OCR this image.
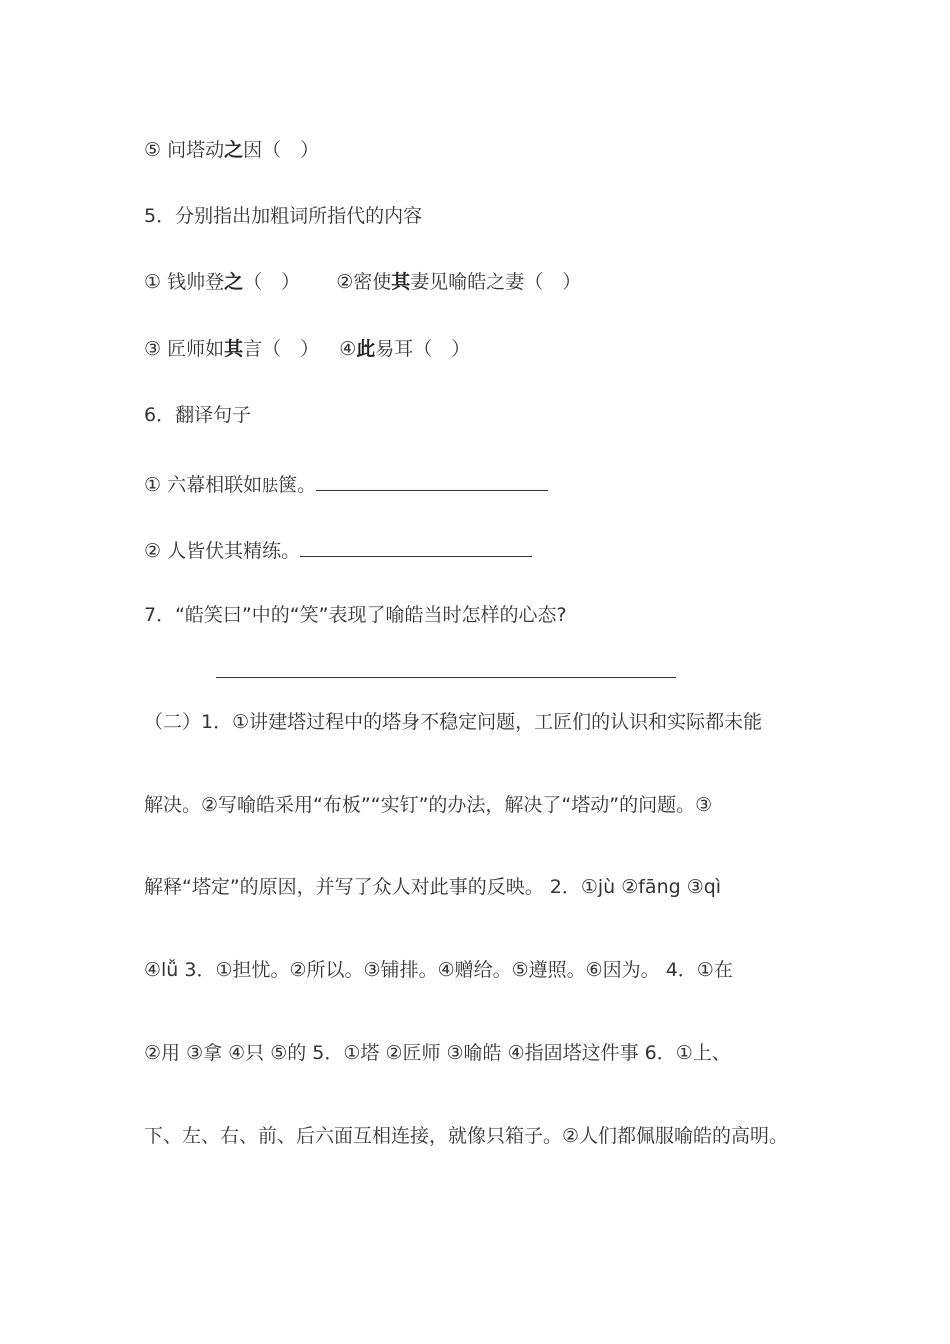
⑤ 问塔动之因（　）
5．分别指出加粗词所指代的内容
① 钱帅登之（　） ②密使其妻见喻皓之妻（　）
③ 匠师如其言（　） ④此易耳（　）
6．翻译句子
① 六幕相联如胠箧。
② 人皆伏其精练。
7．“皓笑曰”中的“笑”表现了喻皓当时怎样的心态?
（二）1．①讲建塔过程中的塔身不稳定问题，工匠们的认识和实际都未能
解决。②写喻皓采用“布板”“实钉”的办法，解决了“塔动”的问题。③
解释“塔定”的原因，并写了众人对此事的反映。 2．①jù ②fāng ③qì
④lǚ 3．①担忧。②所以。③铺排。④赠给。⑤遵照。⑥因为。 4．①在
②用 ③拿 ④只 ⑤的 5．①塔 ②匠师 ③喻皓 ④指固塔这件事 6．①上、
下、左、右、前、后六面互相连接，就像只箱子。②人们都佩服喻皓的高明。
